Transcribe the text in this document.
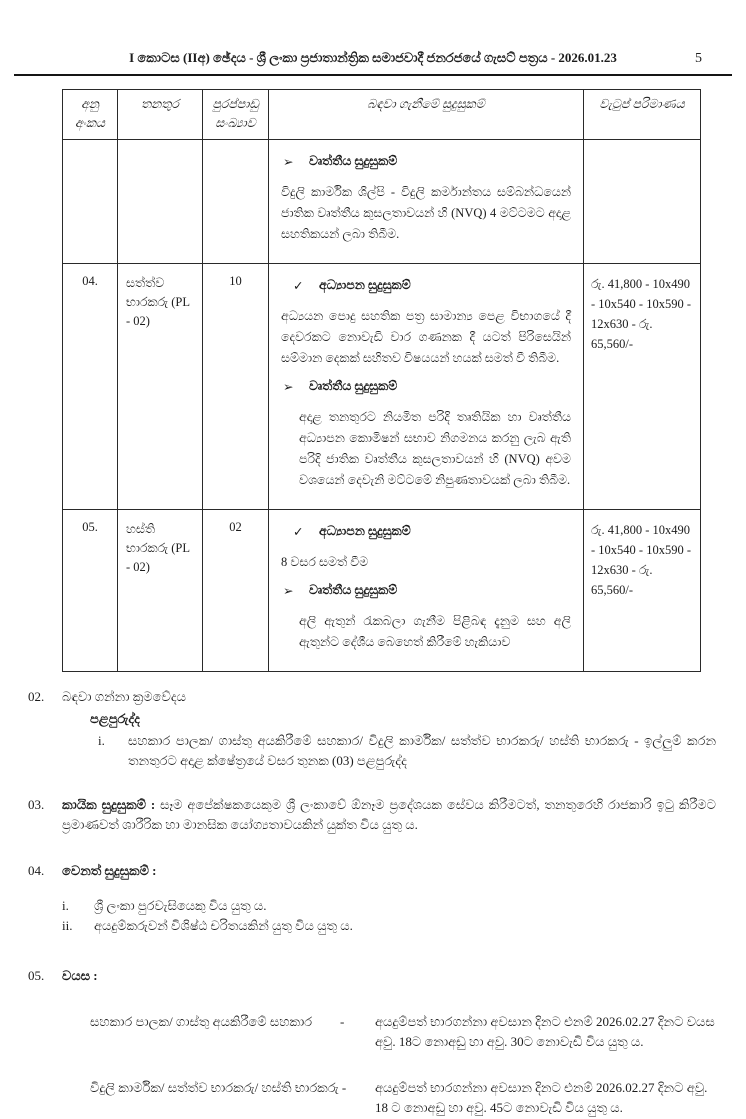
I කොටස (IIඅ) ඡේදය - ශ්‍රී ලංකා ප්‍රජාතාන්ත්‍රික සමාජවාදී ජනරජයේ ගැසට් පත්‍රය - 2026.01.23	5
අනු අංකය	තනතුර	පුරප්පාඩු සංඛ්‍යාව	බඳවා ගැනීමේ සුදුසුකම්	වැටුප් පරිමාණය

			➢ වෘත්තීය සුදුසුකම්

විදුලි කාර්මික ශිල්පි - විදුලි කර්මාන්තය සම්බන්ධයෙන් ජාතික වෘත්තීය කුසලතාවයන් හි (NVQ) 4 මට්ටමට අදාළ සහතිකයන් ලබා තිබීම.	

04.	සත්ත්ව භාරකරු (PL - 02)	10	✓	අධ්‍යාපන සුදුසුකම්

අධ්‍යයන පොදු සහතික පත්‍ර සාමාන්‍ය පෙළ විභාගයේ දී දෙවරකට නොවැඩි වාර ගණනක දී යටත් පිරිසෙයින් සම්මාන දෙකක් සහිතව විෂයයන් හයක් සමත් වී තිබීම.

➢	වෘත්තීය සුදුසුකම්

අදාළ තනතුරට නියමිත පරිදි තෘතියික හා වෘත්තීය අධ්‍යාපන කොමිෂන් සභාව නිගමනය කරනු ලැබ ඇති පරිදි ජාතික වෘත්තීය කුසලතාවයන් හි (NVQ) අවම වශයෙන් දෙවැනි මට්ටමේ නිපුණතාවයක් ලබා තිබීම.

	රු. 41,800 - 10x490 - 10x540 - 10x590 - 12x630 - රු. 65,560/-
05.	හස්ති භාරකරු (PL - 02)	02	✓	අධ්‍යාපන සුදුසුකම්

8 වසර සමත් වීම

➢	වෘත්තීය සුදුසුකම්

අලි ඇතුන් රැකබලා ගැනීම පිළිබඳ දැනුම සහ අලි ඇතුන්ට දේශීය බෙහෙත් කිරීමේ හැකියාව

	රු. 41,800 - 10x490 - 10x540 - 10x590 - 12x630 - රු. 65,560/-
02.	බඳවා ගන්නා ක්‍රමවේදය
පළපුරුද්ද
i.	සහකාර පාලක/ ගාස්තු අයකිරීමේ සහකාර/ විදුලි කාර්මික/ සත්ත්ව භාරකරු/ හස්ති භාරකරු - ඉල්ලුම් කරන තනතුරට අදාළ ක්ෂේත්‍රයේ වසර තුනක (03) පළපුරුද්ද
03.	කායික සුදුසුකම් : සෑම අපේක්ෂකයෙකුම ශ්‍රී ලංකාවේ ඕනෑම ප්‍රදේශයක සේවය කිරීමටත්, තනතුරෙහි රාජකාරි ඉටු කිරීමට ප්‍රමාණවත් ශාරීරික හා මානසික යෝග්‍යතාවයකින් යුක්ත විය යුතු ය.

04.	වෙනත් සුදුසුකම් :
i.	ශ්‍රී ලංකා පුරවැසියෙකු විය යුතු ය.
ii.	අයදුම්කරුවන් විශිෂ්ඨ චරිතයකින් යුතු විය යුතු ය.
05.	වයස :
සහකාර පාලක/ ගාස්තු අයකිරීමේ සහකාර	-	අයදුම්පත් භාරගන්නා අවසාන දිනට එනම් 2026.02.27 දිනට වයස අවු. 18ට නොඅඩු හා අවු. 30ට නොවැඩි විය යුතු ය.
විදුලි කාර්මික/ සත්ත්ව භාරකරු/ හස්ති භාරකරු -	අයදුම්පත් භාරගන්නා අවසාන දිනට එනම් 2026.02.27 දිනට අවු. 18 ට නොඅඩු හා අවු. 45ට නොවැඩි විය යුතු ය.
